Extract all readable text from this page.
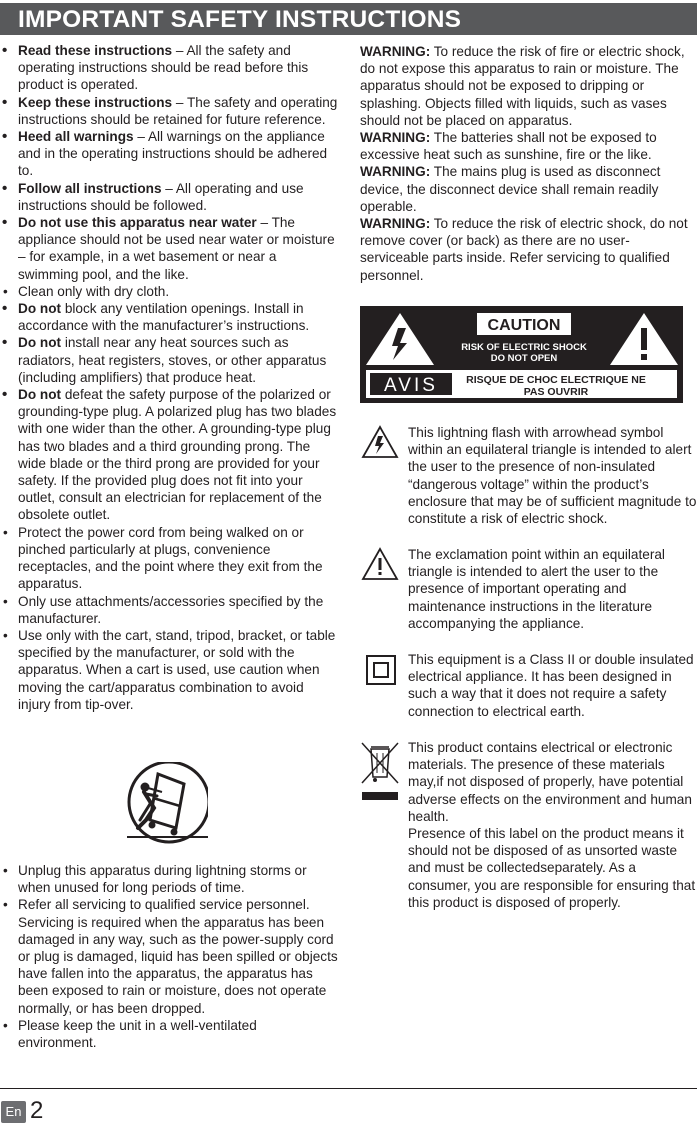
IMPORTANT SAFETY INSTRUCTIONS
• Read these instructions – All the safety and operating instructions should be read before this product is operated.
• Keep these instructions – The safety and operating instructions should be retained for future reference.
• Heed all warnings – All warnings on the appliance and in the operating instructions should be adhered to.
• Follow all instructions – All operating and use instructions should be followed.
• Do not use this apparatus near water – The appliance should not be used near water or moisture – for example, in a wet basement or near a swimming pool, and the like.
• Clean only with dry cloth.
• Do not block any ventilation openings. Install in accordance with the manufacturer’s instructions.
• Do not install near any heat sources such as radiators, heat registers, stoves, or other apparatus (including amplifiers) that produce heat.
• Do not defeat the safety purpose of the polarized or grounding-type plug. A polarized plug has two blades with one wider than the other. A grounding-type plug has two blades and a third grounding prong. The wide blade or the third prong are provided for your safety. If the provided plug does not fit into your outlet, consult an electrician for replacement of the obsolete outlet.
• Protect the power cord from being walked on or pinched particularly at plugs, convenience receptacles, and the point where they exit from the apparatus.
• Only use attachments/accessories specified by the manufacturer.
• Use only with the cart, stand, tripod, bracket, or table specified by the manufacturer, or sold with the apparatus. When a cart is used, use caution when moving the cart/apparatus combination to avoid injury from tip-over.
• Unplug this apparatus during lightning storms or when unused for long periods of time.
• Refer all servicing to qualified service personnel. Servicing is required when the apparatus has been damaged in any way, such as the power-supply cord or plug is damaged, liquid has been spilled or objects have fallen into the apparatus, the apparatus has been exposed to rain or moisture, does not operate normally, or has been dropped.
• Please keep the unit in a well-ventilated environment.

WARNING: To reduce the risk of fire or electric shock, do not expose this apparatus to rain or moisture. The apparatus should not be exposed to dripping or splashing. Objects filled with liquids, such as vases should not be placed on apparatus.

WARNING: The batteries shall not be exposed to excessive heat such as sunshine, fire or the like.

WARNING: The mains plug is used as disconnect device, the disconnect device shall remain readily operable.

WARNING: To reduce the risk of electric shock, do not remove cover (or back) as there are no user-serviceable parts inside. Refer servicing to qualified personnel.

CAUTION
RISK OF ELECTRIC SHOCK
DO NOT OPEN
AVIS	RISQUE DE CHOC ELECTRIQUE NE
PAS OUVRIR

This lightning flash with arrowhead symbol within an equilateral triangle is intended to alert the user to the presence of non-insulated “dangerous voltage” within the product’s enclosure that may be of sufficient magnitude to constitute a risk of electric shock.

The exclamation point within an equilateral triangle is intended to alert the user to the presence of important operating and maintenance instructions in the literature accompanying the appliance.

This equipment is a Class II or double insulated electrical appliance. It has been designed in such a way that it does not require a safety connection to electrical earth.

This product contains electrical or electronic materials. The presence of these materials may,if not disposed of properly, have potential adverse effects on the environment and human health.

Presence of this label on the product means it should not be disposed of as unsorted waste and must be collectedseparately. As a consumer, you are responsible for ensuring that this product is disposed of properly.

En 2
